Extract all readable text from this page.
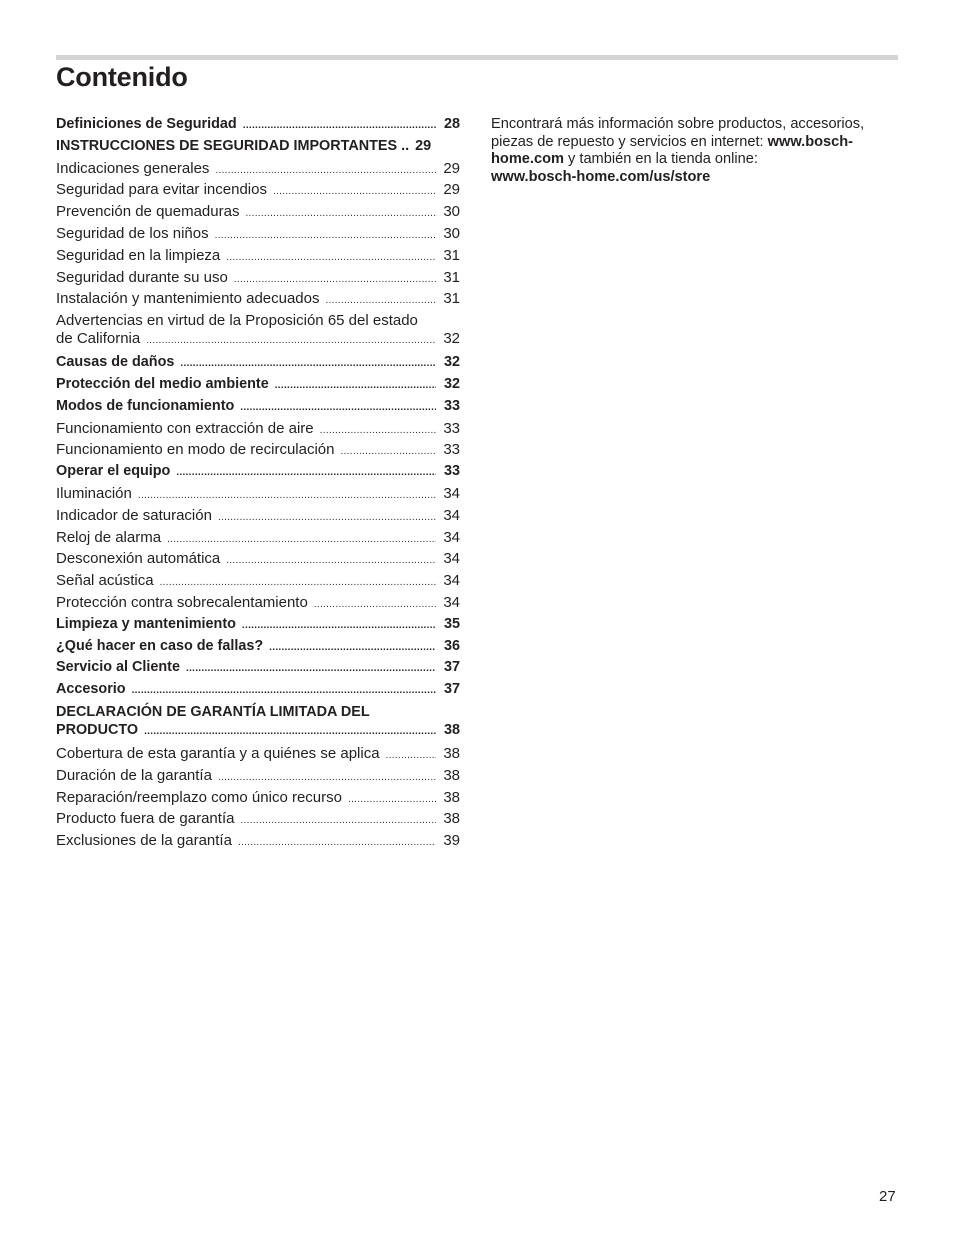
Contenido
Definiciones de Seguridad .....	28
INSTRUCCIONES DE SEGURIDAD IMPORTANTES .. 29
Indicaciones generales .....	29
Seguridad para evitar incendios .....	29
Prevención de quemaduras .....	30
Seguridad de los niños .....	30
Seguridad en la limpieza .....	31
Seguridad durante su uso .....	31
Instalación y mantenimiento adecuados .....	31
Advertencias en virtud de la Proposición 65 del estado
de California .....	32
Causas de daños .....	32
Protección del medio ambiente .....	32
Modos de funcionamiento .....	33
Funcionamiento con extracción de aire .....	33
Funcionamiento en modo de recirculación .....	33
Operar el equipo .....	33
Iluminación .....	34
Indicador de saturación .....	34
Reloj de alarma .....	34
Desconexión automática .....	34
Señal acústica .....	34
Protección contra sobrecalentamiento .....	34
Limpieza y mantenimiento .....	35
¿Qué hacer en caso de fallas? .....	36
Servicio al Cliente .....	37
Accesorio .....	37
DECLARACIÓN DE GARANTÍA LIMITADA DEL
PRODUCTO .....	38
Cobertura de esta garantía y a quiénes se aplica .....	38
Duración de la garantía .....	38
Reparación/reemplazo como único recurso .....	38
Producto fuera de garantía .....	38
Exclusiones de la garantía .....	39
Encontrará más información sobre productos, accesorios, piezas de repuesto y servicios en internet: www.bosch-home.com y también en la tienda online:
www.bosch-home.com/us/store
27
